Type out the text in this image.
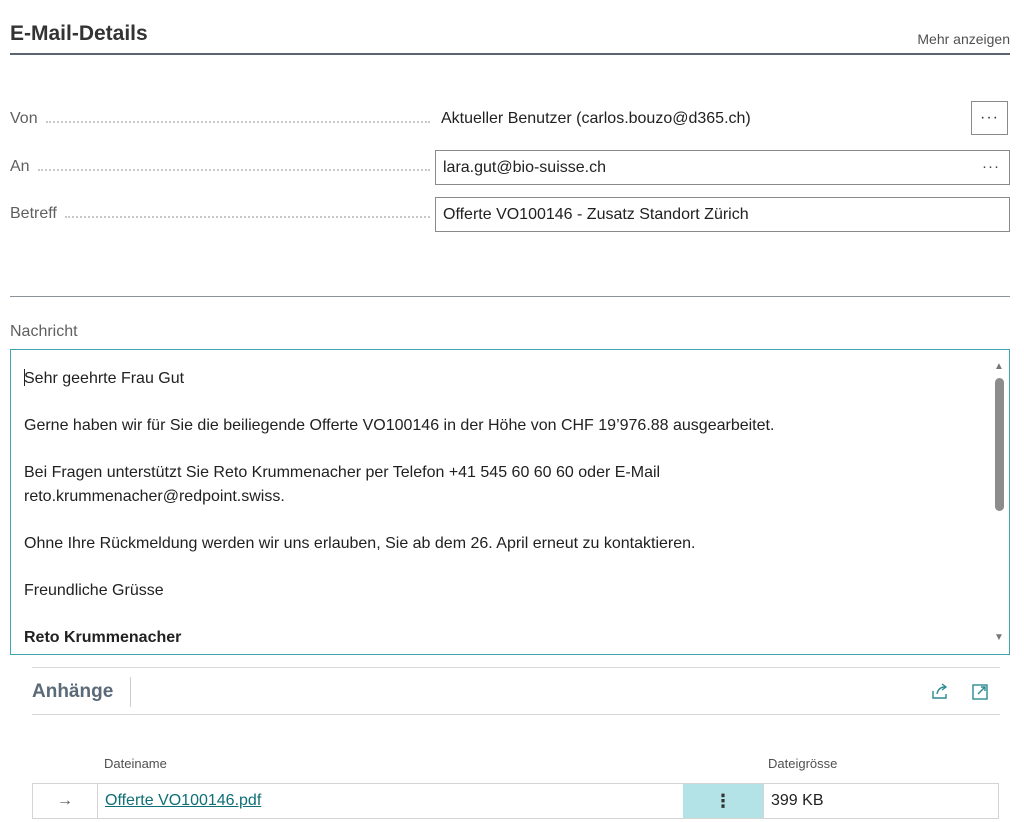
E-Mail-Details	Mehr anzeigen
Von	Aktueller Benutzer (carlos.bouzo@d365.ch)	···
An	lara.gut@bio-suisse.ch	···
Betreff	Offerte VO100146 - Zusatz Standort Zürich
Nachricht

Sehr geehrte Frau Gut

Gerne haben wir für Sie die beiliegende Offerte VO100146 in der Höhe von CHF 19’976.88 ausgearbeitet.

Bei Fragen unterstützt Sie Reto Krummenacher per Telefon +41 545 60 60 60 oder E-Mail
reto.krummenacher@redpoint.swiss.

Ohne Ihre Rückmeldung werden wir uns erlauben, Sie ab dem 26. April erneut zu kontaktieren.

Freundliche Grüsse

Reto Krummenacher

▲
▼
Anhänge
Dateiname	Dateigrösse
→	Offerte VO100146.pdf	⋮	399 KB
